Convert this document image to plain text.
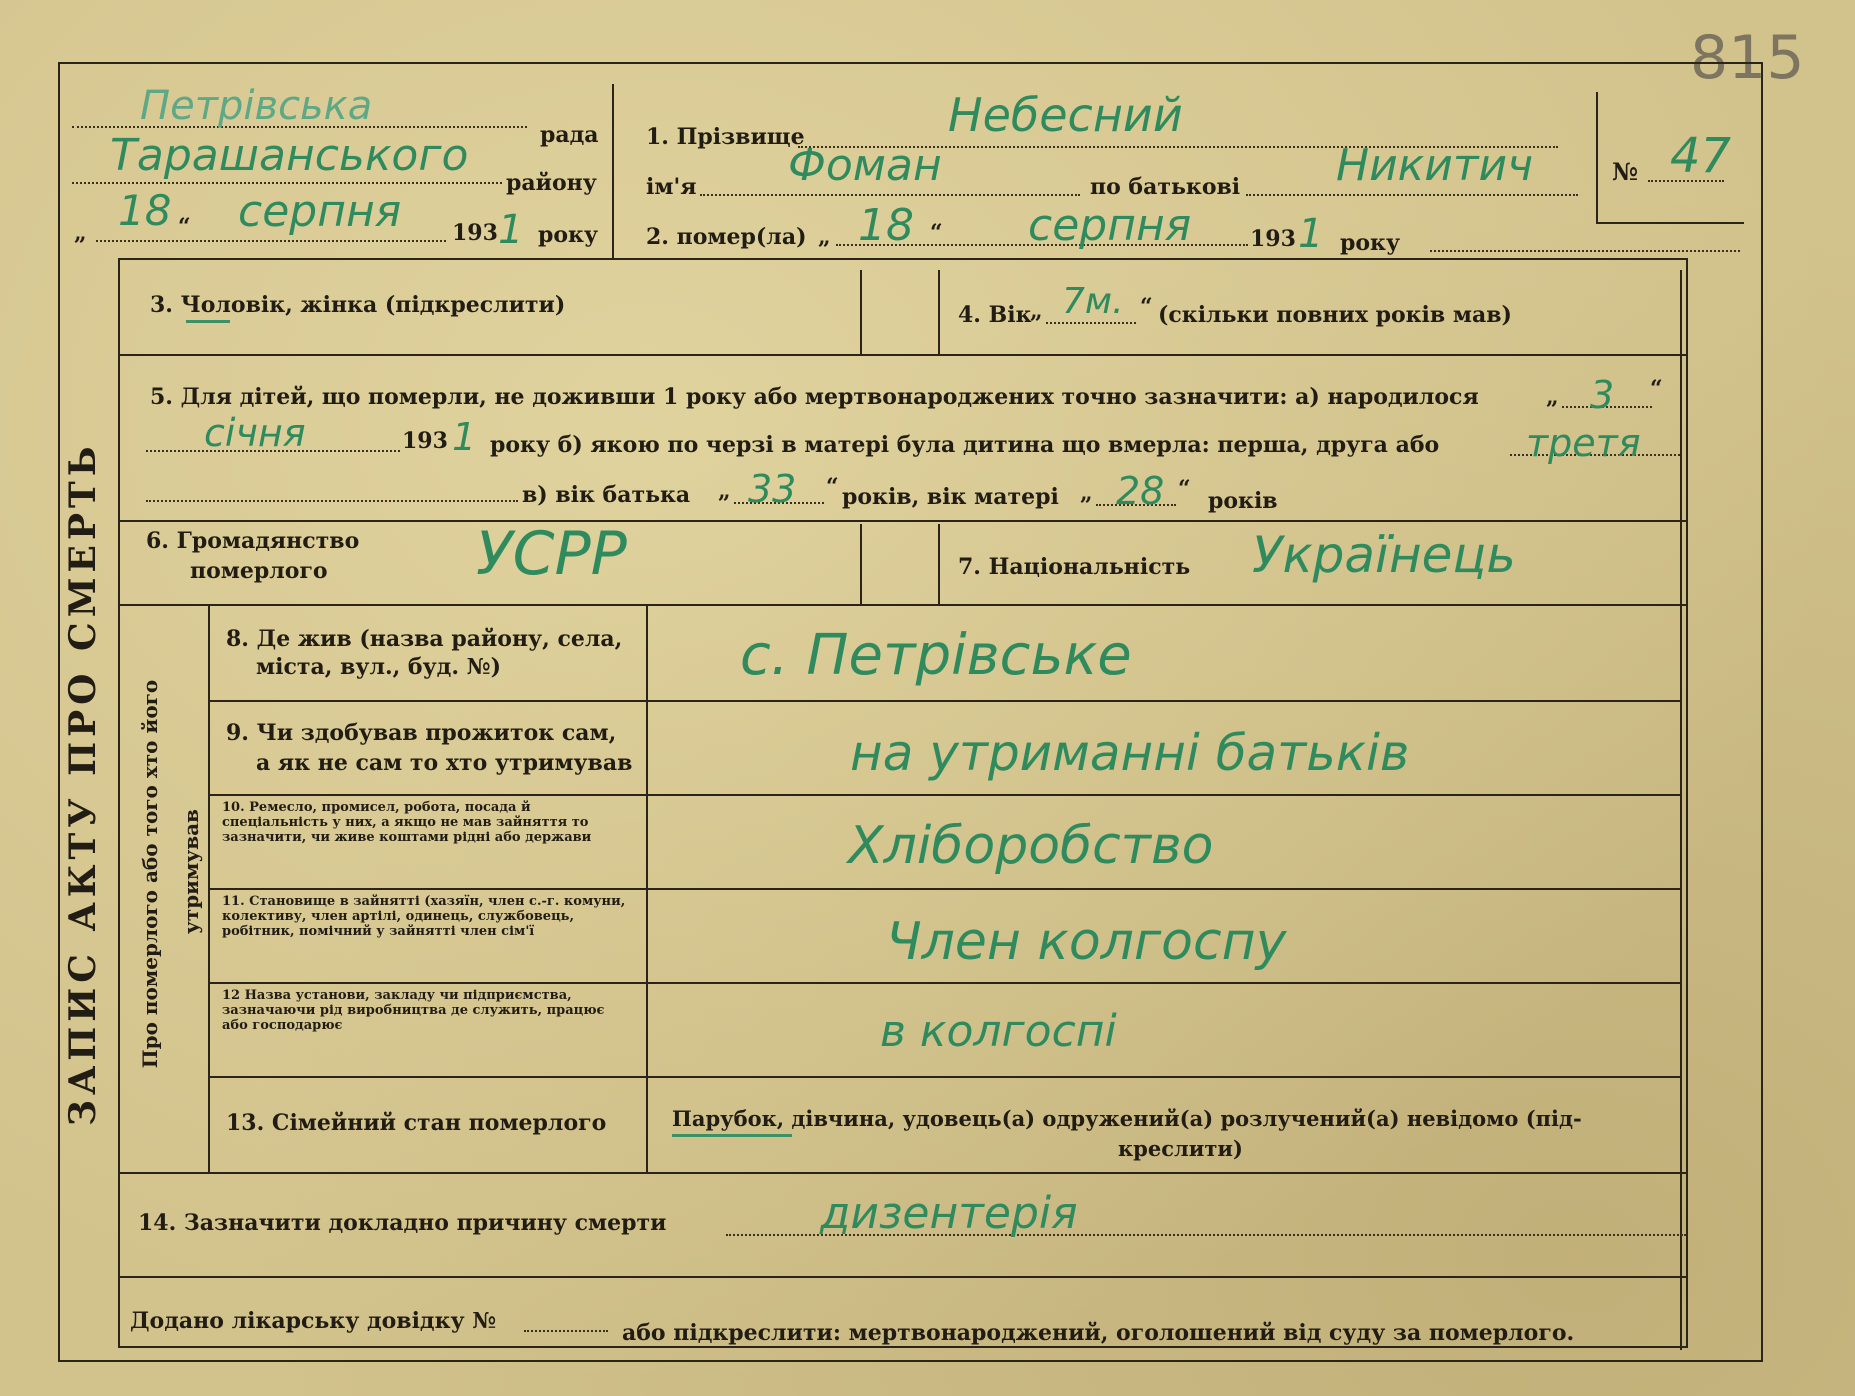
815
ЗАПИС АКТУ ПРО СМЕРТЬ Про померлого або того хто його утримував
Петрівська
рада
Тарашанського
району
„ 18 “ серпня 193 1 року
1. Прізвище	Небесний
ім'я Фоман	по батькові Никитич
2. помер(ла) „ 18 “ серпня	193 1 року
№ 47
3. Чоловік, жінка (підкреслити)	4. Вік
„ 7м. “ (скільки повних років мав)
5. Для дітей, що померли, не доживши 1 року або мертвонароджених точно зазначити: а) народилося	„ 3 “
січня	193 1 року б) якою по черзі в матері була дитина що вмерла: перша, друга або третя
в) вік батька „ 33 “ років, вік матері „ 28 “ років
6. Громадянство
померлого УСРР	7. Національність Українець
8. Де жив (назва району, села,
міста, вул., буд. №)	с. Петрівське
9. Чи здобував прожиток сам,
а як не сам то хто утримував	на утриманні батьків
10. Ремесло, промисел, робота, посада й спеціальність у них, а якщо не мав зайняття то зазначити, чи живе коштами рідні або держави	Хліборобство
11. Становище в зайнятті (хазяїн, член с.-г. комуни, колективу, член артілі, одинець, службовець, робітник, помічний у зайнятті член сім'ї	Член колгоспу
12 Назва установи, закладу чи підприємства, зазначаючи рід виробництва де служить, працює або господарює	в колгоспі
13. Сімейний стан померлого	Парубок, дівчина, удовець(а) одружений(а) розлучений(а) невідомо (під-
креслити)
14. Зазначити докладно причину смерти	дизентерія
Додано лікарську довідку №	або підкреслити: мертвонароджений, оголошений від суду за померлого.
